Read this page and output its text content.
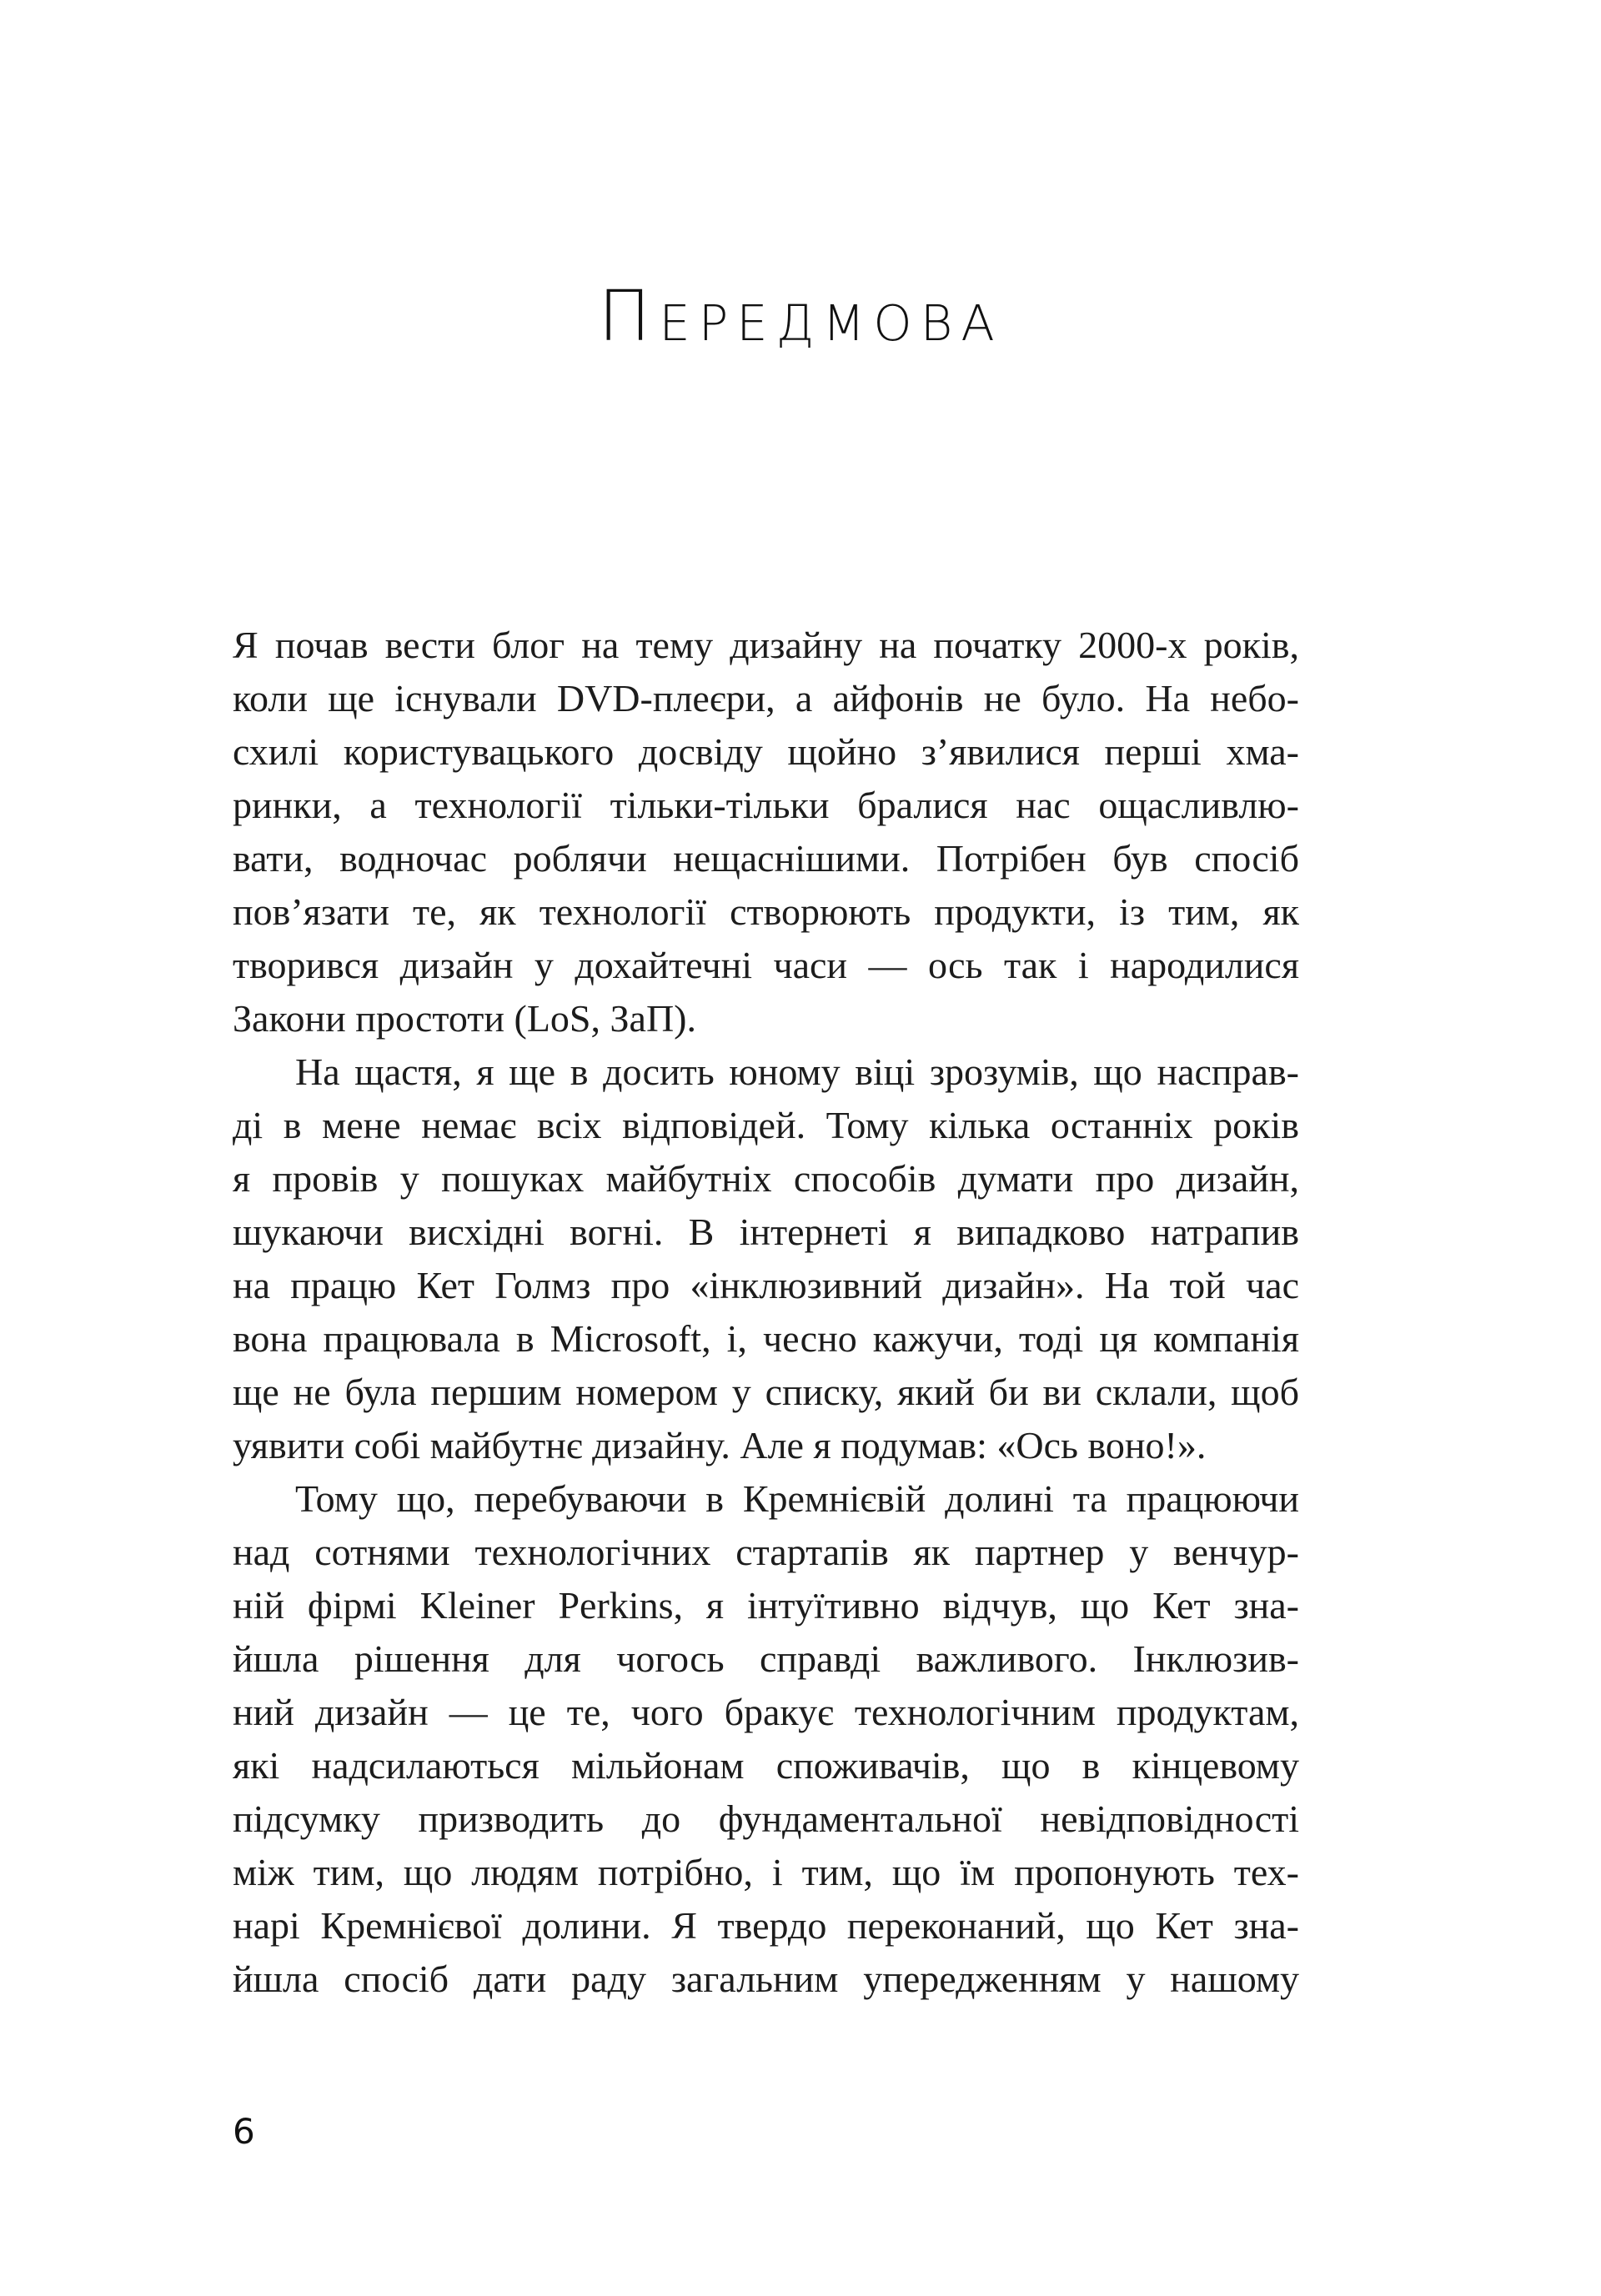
Передмова
Я почав вести блог на тему дизайну на початку 2000-х років,
коли ще існували DVD-плеєри, а айфонів не було. На небо-
схилі користувацького досвіду щойно з’явилися перші хма-
ринки, а технології тільки-тільки бралися нас ощасливлю-
вати, водночас роблячи нещаснішими. Потрібен був спосіб
пов’язати те, як технології створюють продукти, із тим, як
творився дизайн у дохайтечні часи — ось так і народилися
Закони простоти (LoS, ЗаП).
На щастя, я ще в досить юному віці зрозумів, що насправ-
ді в мене немає всіх відповідей. Тому кілька останніх років
я провів у пошуках майбутніх способів думати про дизайн,
шукаючи висхідні вогні. В інтернеті я випадково натрапив
на працю Кет Голмз про «інклюзивний дизайн». На той час
вона працювала в Microsoft, і, чесно кажучи, тоді ця компанія
ще не була першим номером у списку, який би ви склали, щоб
уявити собі майбутнє дизайну. Але я подумав: «Ось воно!».
Тому що, перебуваючи в Кремнієвій долині та працюючи
над сотнями технологічних стартапів як партнер у венчур-
ній фірмі Kleiner Perkins, я інтуїтивно відчув, що Кет зна-
йшла рішення для чогось справді важливого. Інклюзив-
ний дизайн — це те, чого бракує технологічним продуктам,
які надсилаються мільйонам споживачів, що в кінцевому
підсумку призводить до фундаментальної невідповідності
між тим, що людям потрібно, і тим, що їм пропонують тех-
нарі Кремнієвої долини. Я твердо переконаний, що Кет зна-
йшла спосіб дати раду загальним упередженням у нашому
6
